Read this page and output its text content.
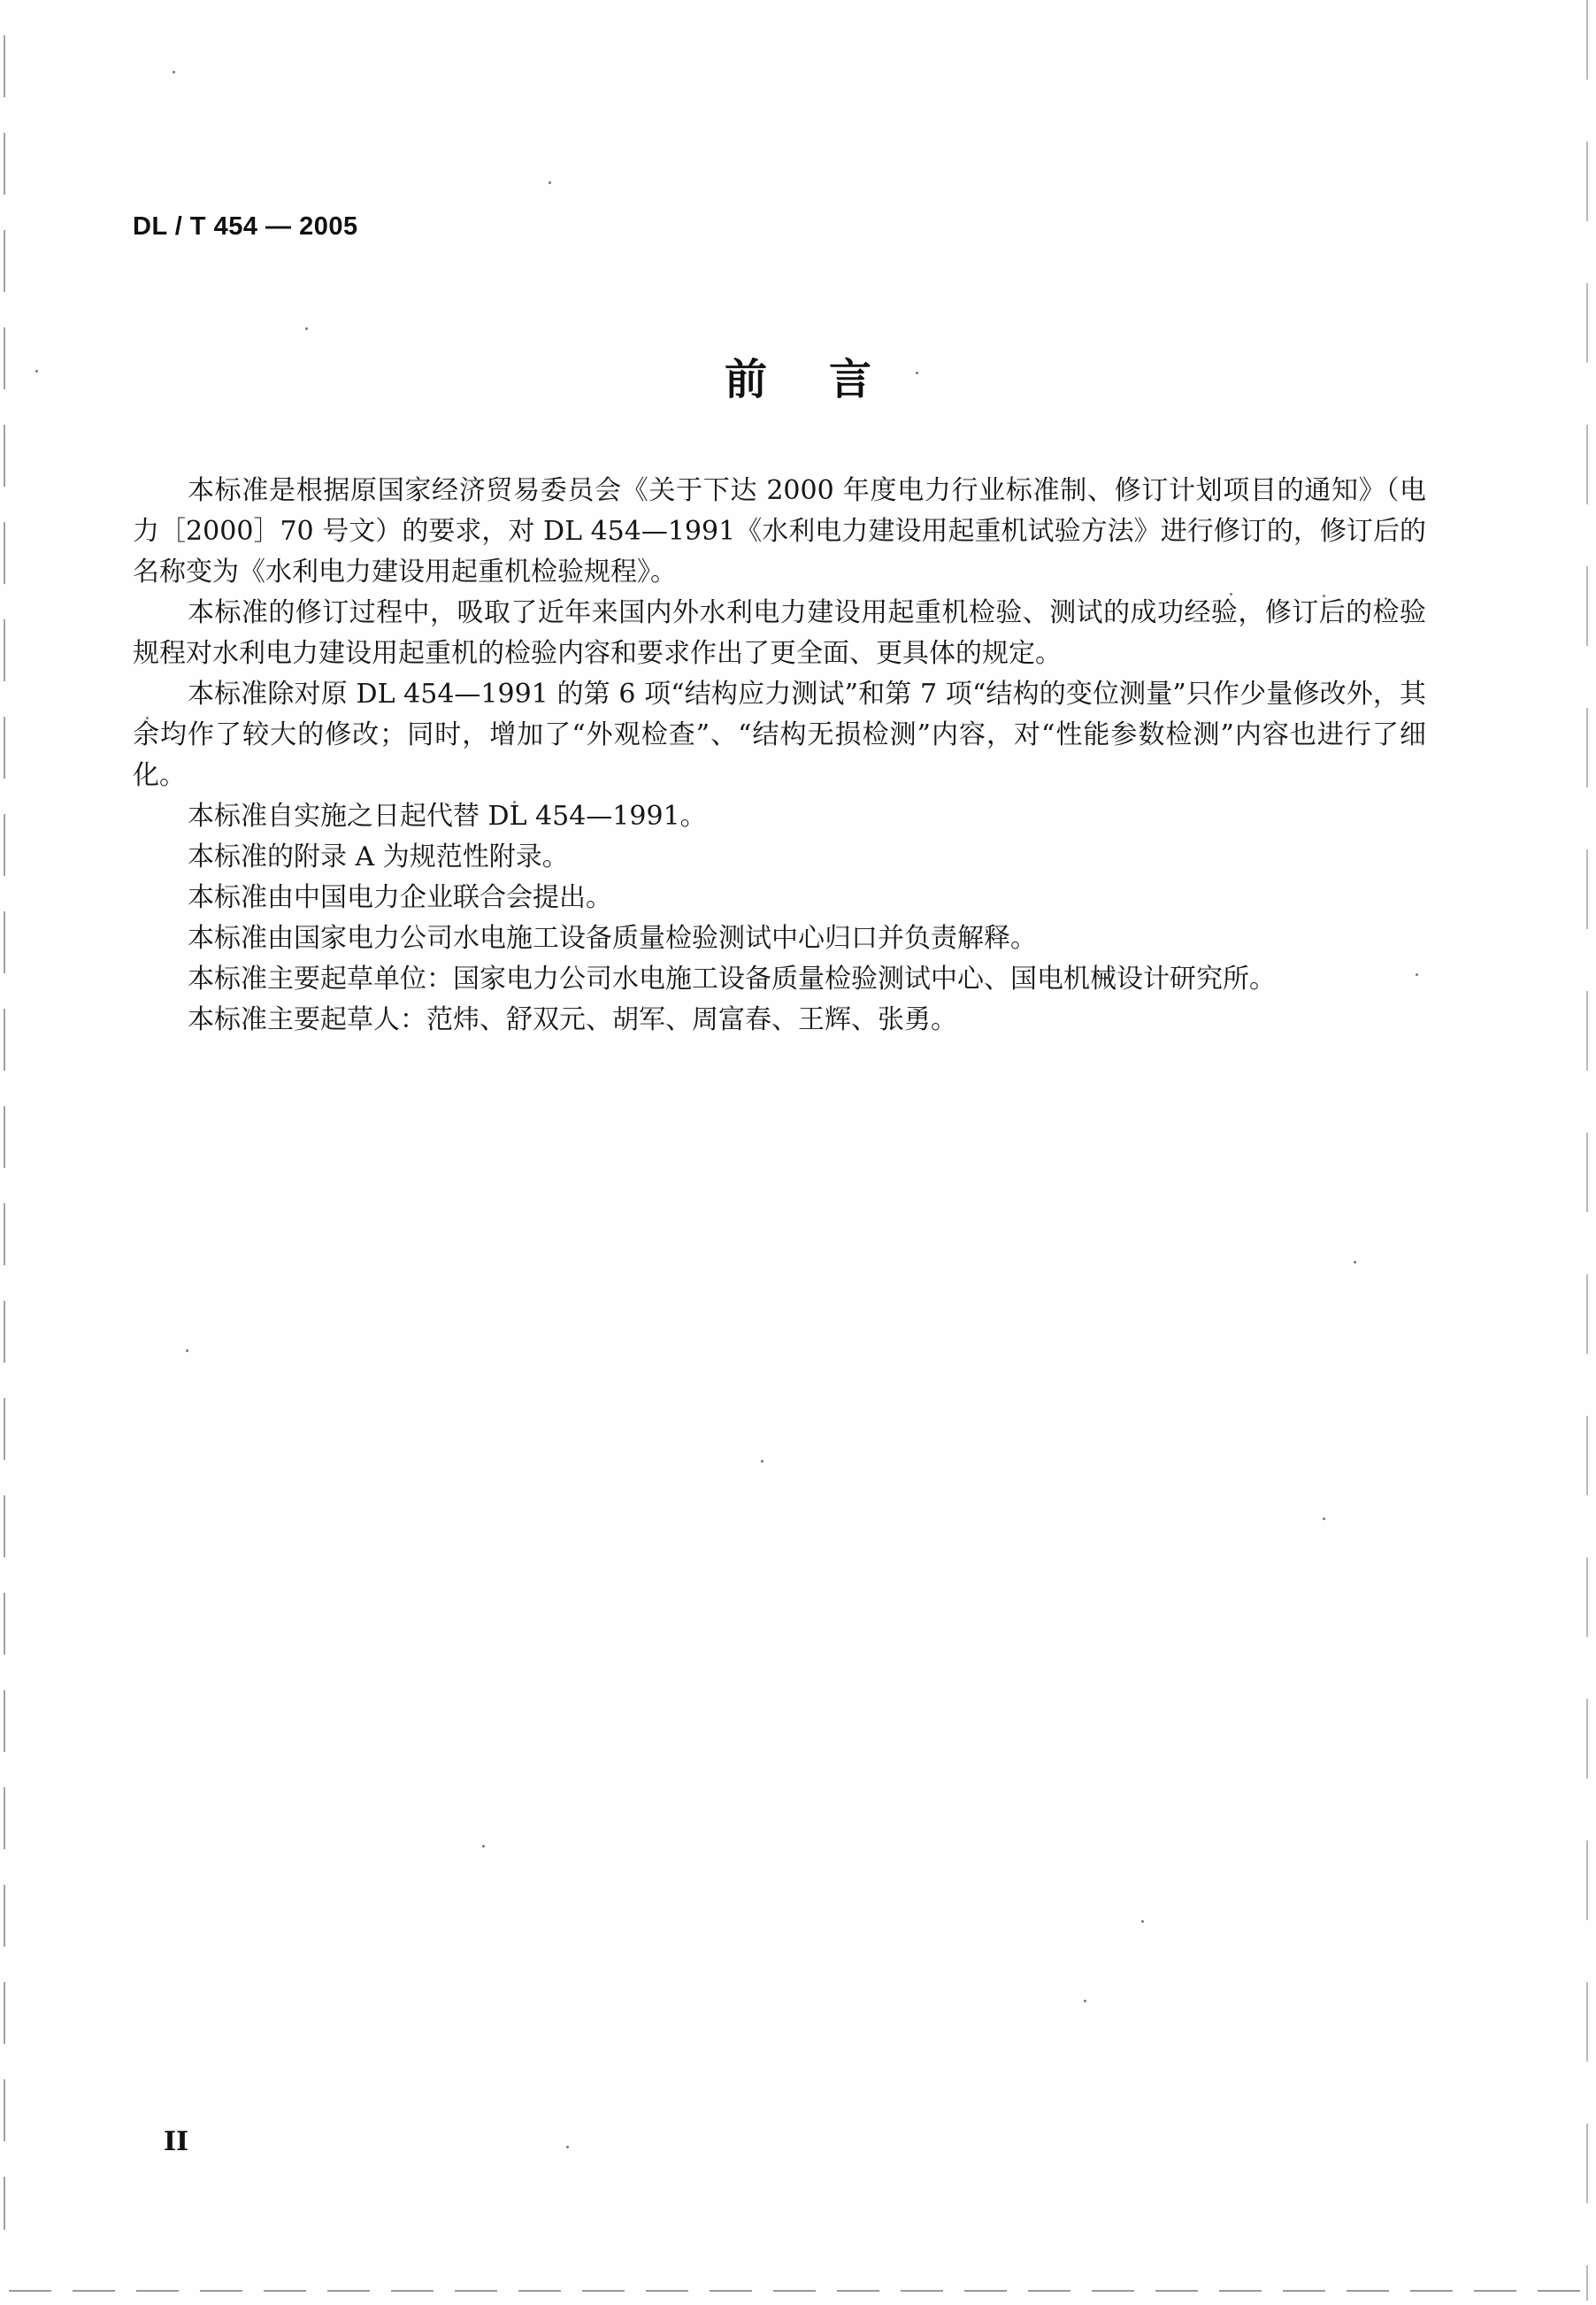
DL / T 454 — 2005
前言

本标准是根据原国家经济贸易委员会《关于下达 2000 年度电力行业标准制、修订计划项目的通知》（电力［2000］70 号文）的要求，对 DL 454—1991《水利电力建设用起重机试验方法》进行修订的，修订后的名称变为《水利电力建设用起重机检验规程》。

本标准的修订过程中，吸取了近年来国内外水利电力建设用起重机检验、测试的成功经验，修订后的检验规程对水利电力建设用起重机的检验内容和要求作出了更全面、更具体的规定。

本标准除对原 DL 454—1991 的第 6 项“结构应力测试”和第 7 项“结构的变位测量”只作少量修改外，其余均作了较大的修改；同时，增加了“外观检查”、“结构无损检测”内容，对“性能参数检测”内容也进行了细化。

本标准自实施之日起代替 DL 454—1991。

本标准的附录 A 为规范性附录。

本标准由中国电力企业联合会提出。

本标准由国家电力公司水电施工设备质量检验测试中心归口并负责解释。

本标准主要起草单位：国家电力公司水电施工设备质量检验测试中心、国电机械设计研究所。

本标准主要起草人：范炜、舒双元、胡军、周富春、王辉、张勇。

II
